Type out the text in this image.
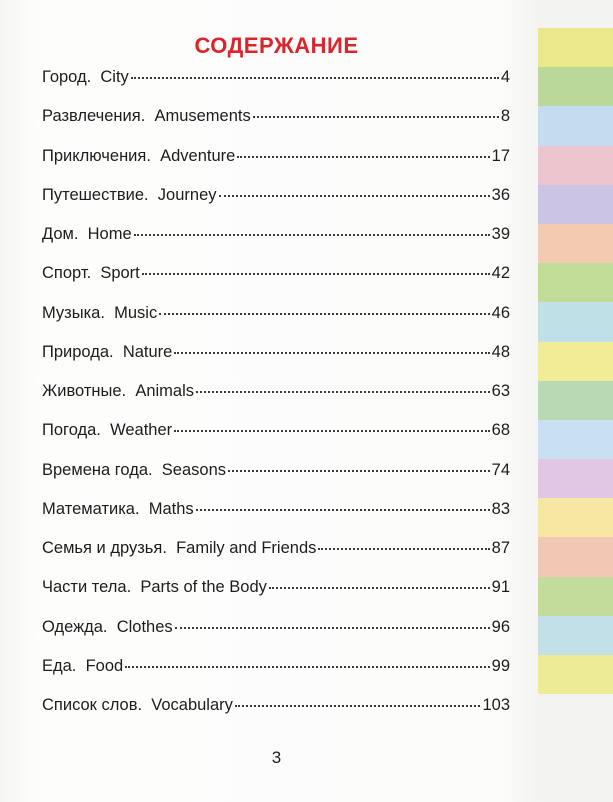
СОДЕРЖАНИЕ
Город. City	4
Развлечения. Amusements	8
Приключения. Adventure	17
Путешествие. Journey	36
Дом. Home	39
Спорт. Sport	42
Музыка. Music	46
Природа. Nature	48
Животные. Animals	63
Погода. Weather	68
Времена года. Seasons	74
Математика. Maths	83
Семья и друзья. Family and Friends	87
Части тела. Parts of the Body	91
Одежда. Clothes	96
Еда. Food	99
Список слов. Vocabulary	103
3
